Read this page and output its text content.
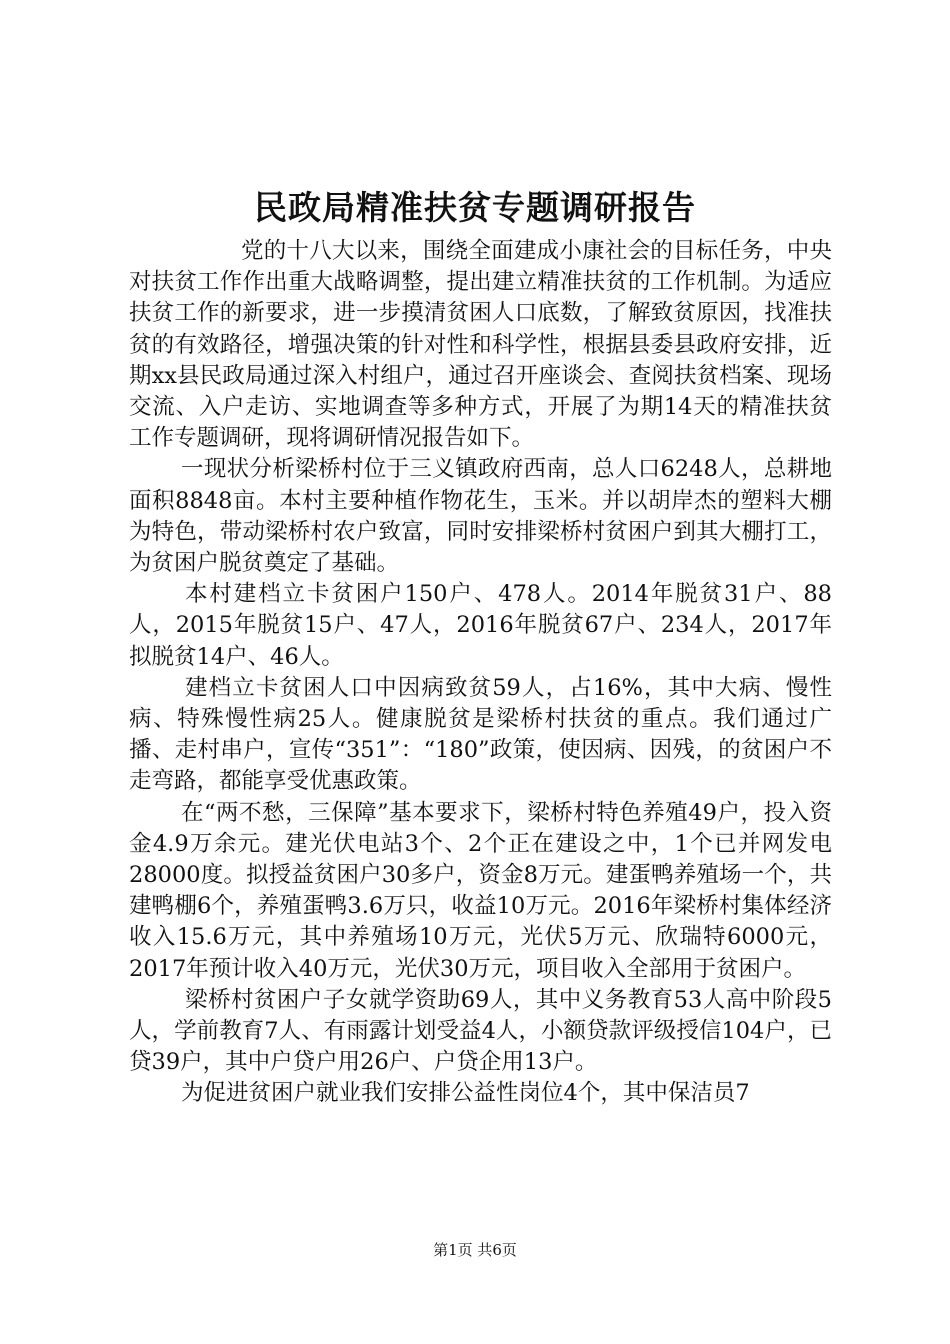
民政局精准扶贫专题调研报告

党的十八大以来，围绕全面建成小康社会的目标任务，中央对扶贫工作作出重大战略调整，提出建立精准扶贫的工作机制。为适应扶贫工作的新要求，进一步摸清贫困人口底数，了解致贫原因，找准扶贫的有效路径，增强决策的针对性和科学性，根据县委县政府安排，近期xx县民政局通过深入村组户，通过召开座谈会、查阅扶贫档案、现场交流、入户走访、实地调查等多种方式，开展了为期14天的精准扶贫工作专题调研，现将调研情况报告如下。

一现状分析梁桥村位于三义镇政府西南，总人口6248人，总耕地面积8848亩。本村主要种植作物花生，玉米。并以胡岸杰的塑料大棚为特色，带动梁桥村农户致富，同时安排梁桥村贫困户到其大棚打工，为贫困户脱贫奠定了基础。

本村建档立卡贫困户150户、478人。2014年脱贫31户、88人，2015年脱贫15户、47人，2016年脱贫67户、234人，2017年拟脱贫14户、46人。

建档立卡贫困人口中因病致贫59人，占16%，其中大病、慢性病、特殊慢性病25人。健康脱贫是梁桥村扶贫的重点。我们通过广播、走村串户，宣传“351”：“180”政策，使因病、因残，的贫困户不走弯路，都能享受优惠政策。

在“两不愁，三保障”基本要求下，梁桥村特色养殖49户，投入资金4.9万余元。建光伏电站3个、2个正在建设之中，1个已并网发电28000度。拟授益贫困户30多户，资金8万元。建蛋鸭养殖场一个，共建鸭棚6个，养殖蛋鸭3.6万只，收益10万元。2016年梁桥村集体经济收入15.6万元，其中养殖场10万元，光伏5万元、欣瑞特6000元，2017年预计收入40万元，光伏30万元，项目收入全部用于贫困户。

梁桥村贫困户子女就学资助69人，其中义务教育53人高中阶段5人，学前教育7人、有雨露计划受益4人，小额贷款评级授信104户，已贷39户，其中户贷户用26户、户贷企用13户。

为促进贫困户就业我们安排公益性岗位4个，其中保洁员7

第1页 共6页
